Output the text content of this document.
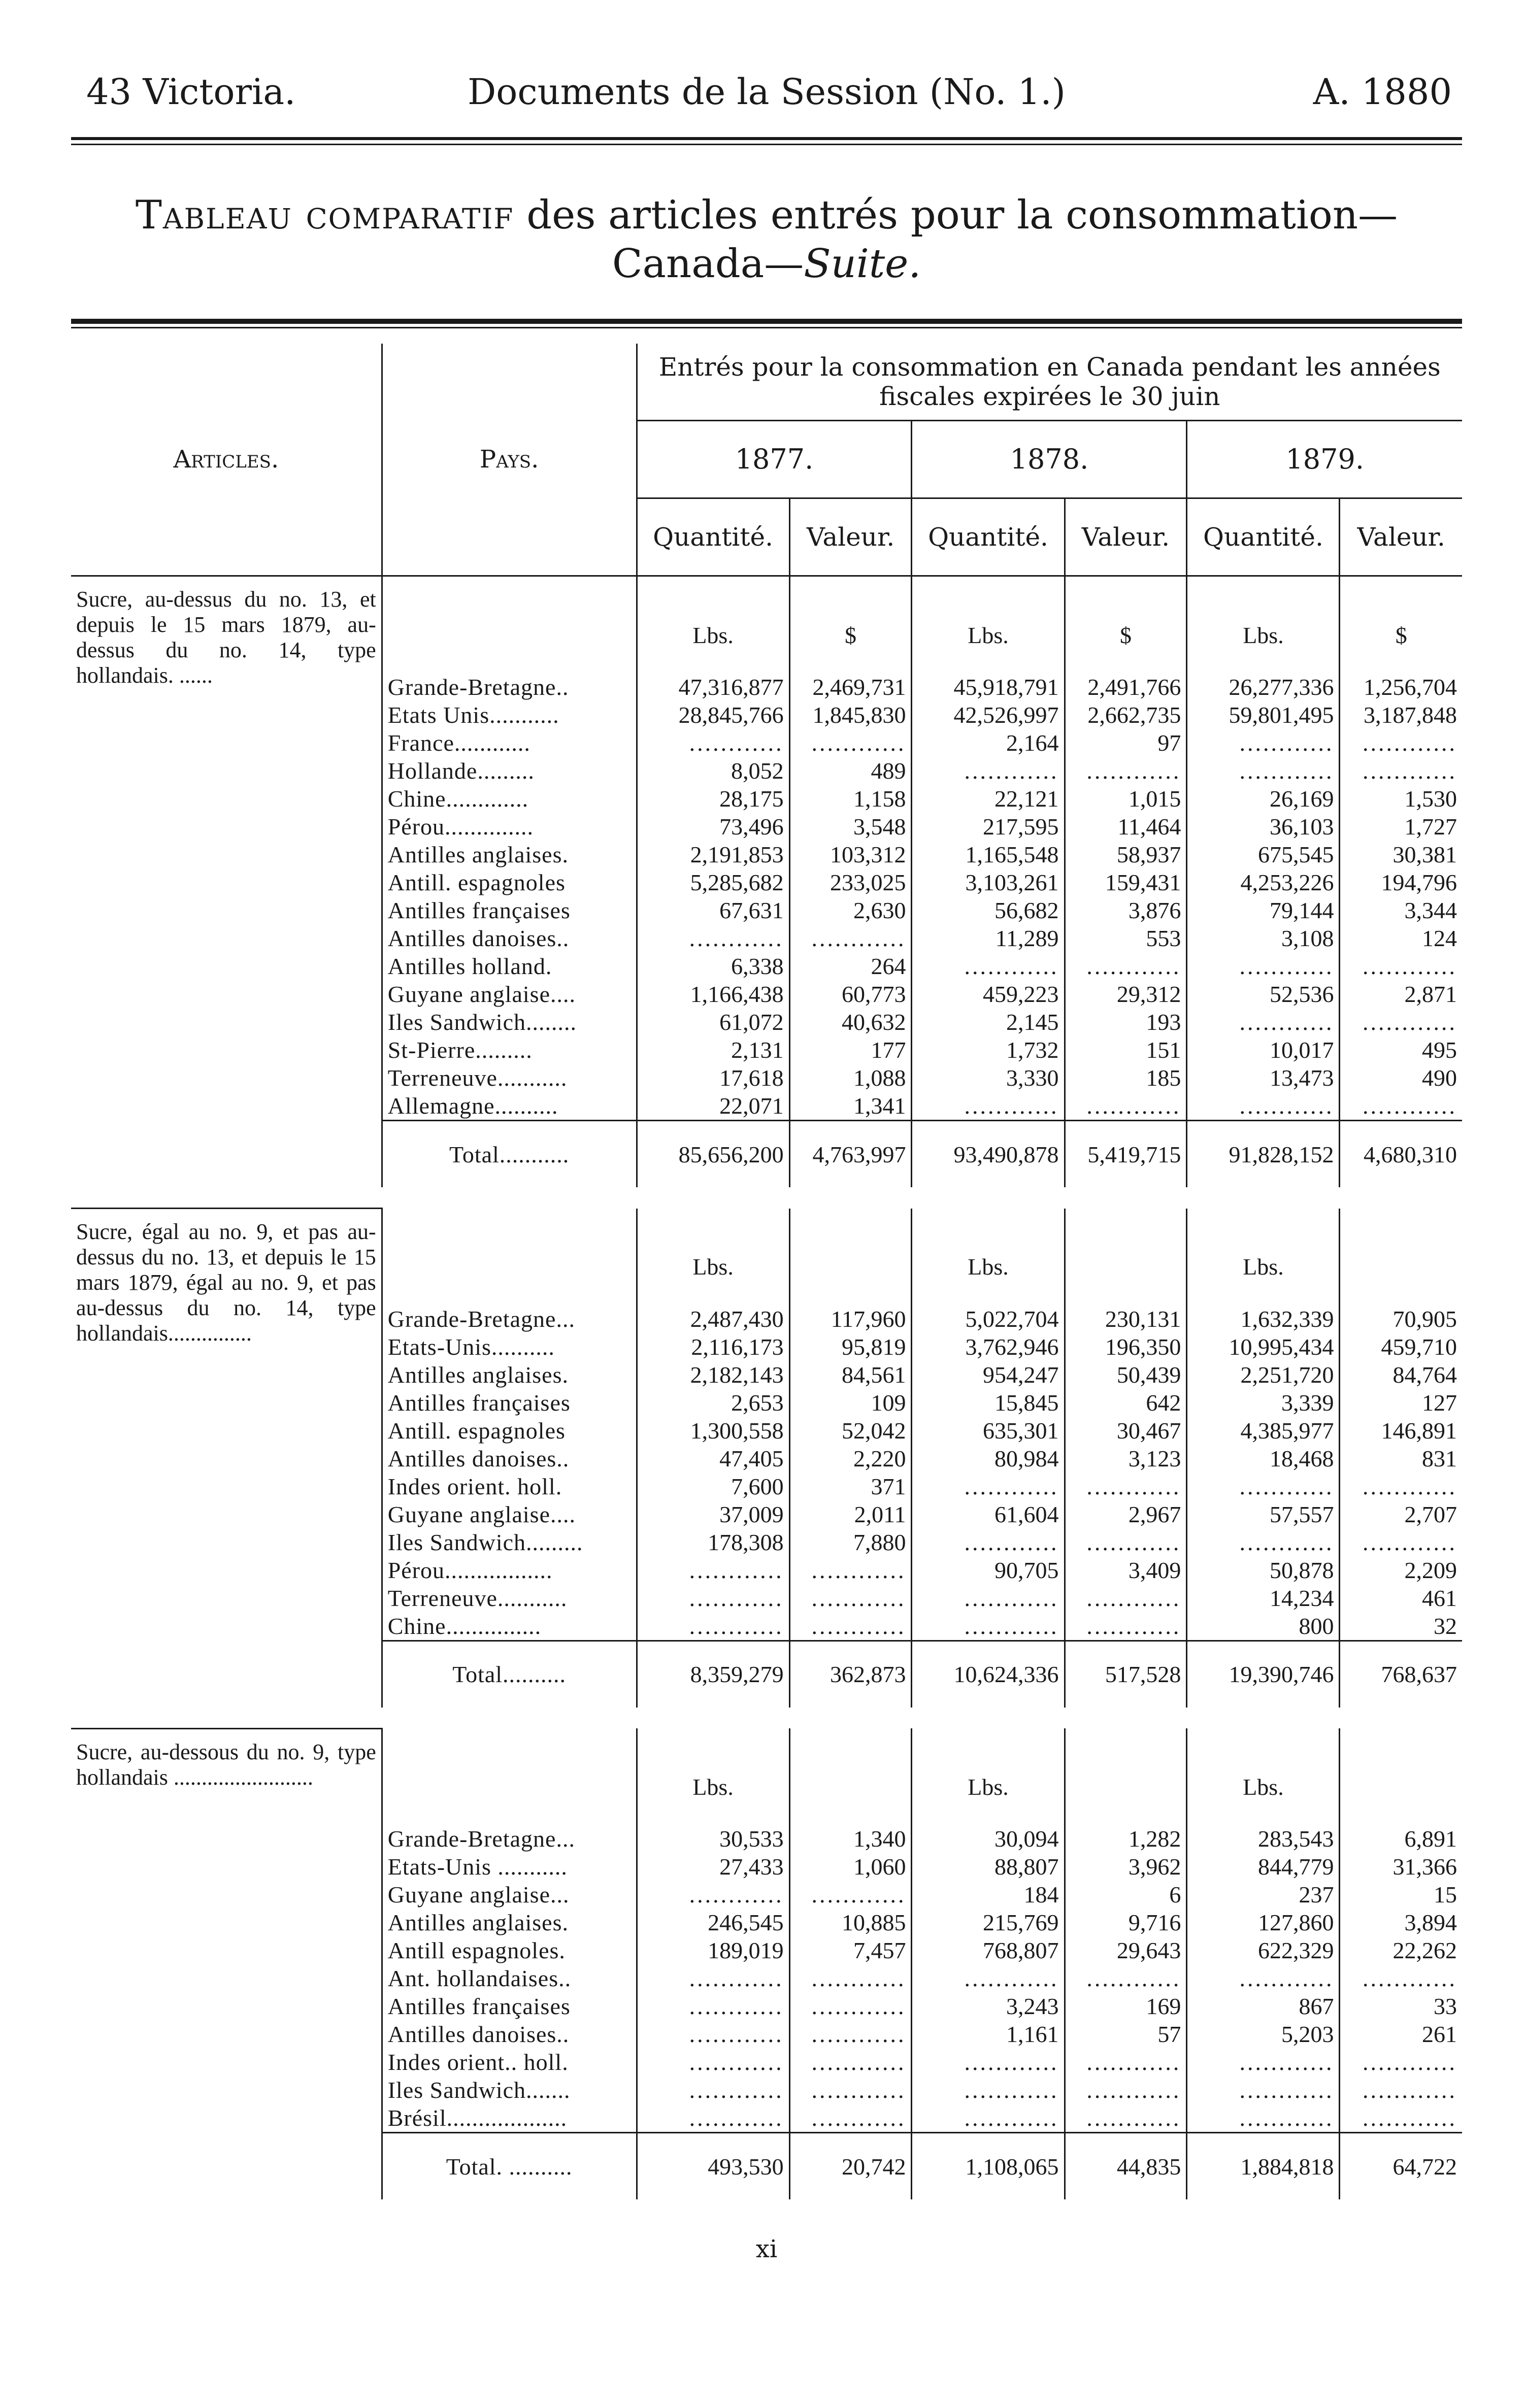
43 Victoria.	Documents de la Session (No. 1.)	A. 1880
Tableau comparatif des articles entrés pour la consommation—
Canada—Suite.
Articles.	Pays.	Entrés pour la consommation en Canada pendant les années fiscales expirées le 30 juin					
		1877.		1878.		1879.	
		Quantité.	Valeur.	Quantité.	Valeur.	Quantité.	Valeur.
Sucre, au-dessus du no. 13, et depuis le 15 mars 1879, au-dessus du no. 14, type hollandais. ......		Lbs.	$	Lbs.	$	Lbs.	$
	Grande-Bretagne..	47,316,877	2,469,731	45,918,791	2,491,766	26,277,336	1,256,704
	Etats Unis...........	28,845,766	1,845,830	42,526,997	2,662,735	59,801,495	3,187,848
	France............	.....	.....	2,164	97	.....	.....
	Hollande.........	8,052	489	.....	.....	.....	.....
	Chine.............	28,175	1,158	22,121	1,015	26,169	1,530
	Pérou..............	73,496	3,548	217,595	11,464	36,103	1,727
	Antilles anglaises.	2,191,853	103,312	1,165,548	58,937	675,545	30,381
	Antill. espagnoles	5,285,682	233,025	3,103,261	159,431	4,253,226	194,796
	Antilles françaises	67,631	2,630	56,682	3,876	79,144	3,344
	Antilles danoises..	.....	.....	11,289	553	3,108	124
	Antilles holland.	6,338	264	.....	.....	.....	.....
	Guyane anglaise....	1,166,438	60,773	459,223	29,312	52,536	2,871
	Iles Sandwich........	61,072	40,632	2,145	193	.....	.....
	St-Pierre.........	2,131	177	1,732	151	10,017	495
	Terreneuve...........	17,618	1,088	3,330	185	13,473	490
	Allemagne..........	22,071	1,341	.....	.....	.....	.....
	Total...........	85,656,200	4,763,997	93,490,878	5,419,715	91,828,152	4,680,310

Sucre, égal au no. 9, et pas au-dessus du no. 13, et depuis le 15 mars 1879, égal au no. 9, et pas au-dessus du no. 14, type hollandais...............		Lbs.		Lbs.		Lbs.	
	Grande-Bretagne...	2,487,430	117,960	5,022,704	230,131	1,632,339	70,905
	Etats-Unis..........	2,116,173	95,819	3,762,946	196,350	10,995,434	459,710
	Antilles anglaises.	2,182,143	84,561	954,247	50,439	2,251,720	84,764
	Antilles françaises	2,653	109	15,845	642	3,339	127
	Antill. espagnoles	1,300,558	52,042	635,301	30,467	4,385,977	146,891
	Antilles danoises..	47,405	2,220	80,984	3,123	18,468	831
	Indes orient. holl.	7,600	371	.....	.....	.....	.....
	Guyane anglaise....	37,009	2,011	61,604	2,967	57,557	2,707
	Iles Sandwich.........	178,308	7,880	.....	.....	.....	.....
	Pérou.................	.....	.....	90,705	3,409	50,878	2,209
	Terreneuve...........	.....	.....	.....	.....	14,234	461
	Chine...............	.....	.....	.....	.....	800	32
	Total..........	8,359,279	362,873	10,624,336	517,528	19,390,746	768,637

Sucre, au-dessous du no. 9, type hollandais .........................		Lbs.		Lbs.		Lbs.	
	Grande-Bretagne...	30,533	1,340	30,094	1,282	283,543	6,891
	Etats-Unis ...........	27,433	1,060	88,807	3,962	844,779	31,366
	Guyane anglaise...	.....	.....	184	6	237	15
	Antilles anglaises.	246,545	10,885	215,769	9,716	127,860	3,894
	Antill espagnoles.	189,019	7,457	768,807	29,643	622,329	22,262
	Ant. hollandaises..	.....	.....	.....	.....	.....	.....
	Antilles françaises	.....	.....	3,243	169	867	33
	Antilles danoises..	.....	.....	1,161	57	5,203	261
	Indes orient.. holl.	.....	.....	.....	.....	.....	.....
	Iles Sandwich.......	.....	.....	.....	.....	.....	.....
	Brésil...................	.....	.....	.....	.....	.....	.....
	Total. ..........	493,530	20,742	1,108,065	44,835	1,884,818	64,722
xi
